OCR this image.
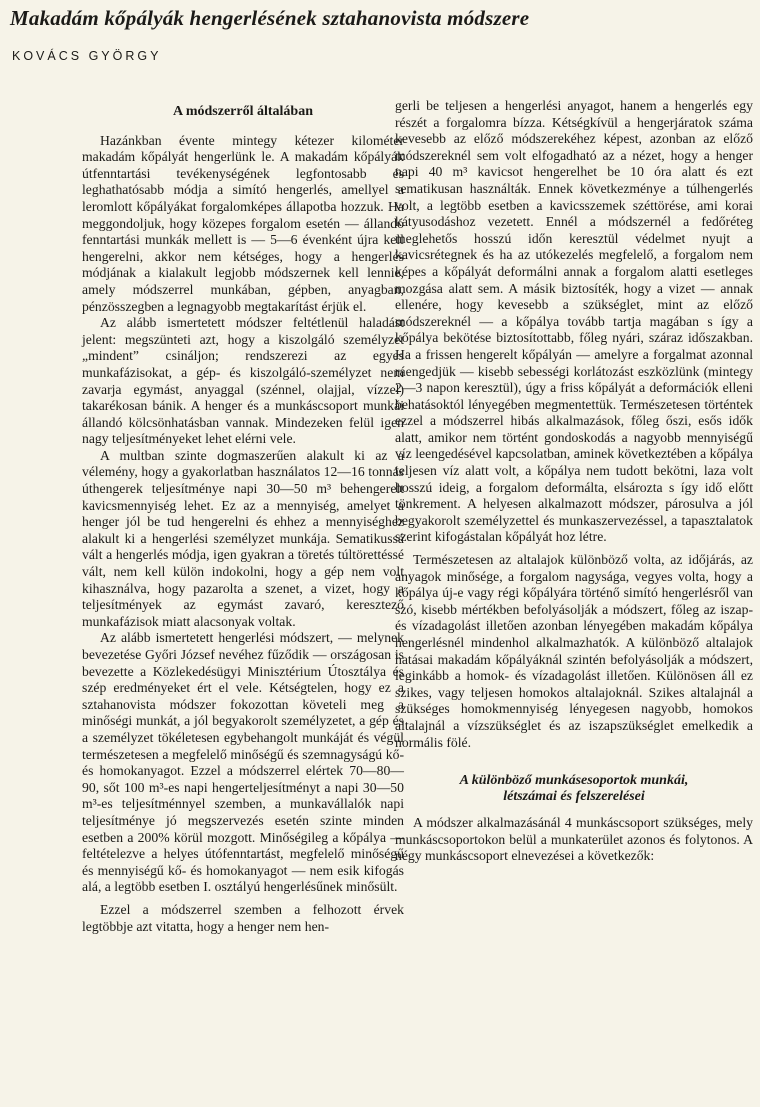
Makadám kőpályák hengerlésének sztahanovista módszere
KOVÁCS GYÖRGY
A módszerről általában

Hazánkban évente mintegy kétezer kilométer makadám kőpályát hengerlünk le. A makadám kőpályák útfenntartási tevékenységének legfontosabb és leghathatósabb módja a simító hengerlés, amellyel a leromlott kőpályákat forgalomképes állapotba hozzuk. Ha meggondoljuk, hogy közepes forgalom esetén — állandó fenntartási munkák mellett is — 5—6 évenként újra kell hengerelni, akkor nem kétséges, hogy a hengerlés módjának a kialakult legjobb módszernek kell lennie, amely módszerrel munkában, gépben, anyagban, pénzösszegben a legnagyobb megtakarítást érjük el.

Az alább ismertetett módszer feltétlenül haladást jelent: megszünteti azt, hogy a kiszolgáló személyzet „mindent” csináljon; rendszerezi az egyes munkafázisokat, a gép- és kiszolgáló-személyzet nem zavarja egymást, anyaggal (szénnel, olajjal, vízzel) takarékosan bánik. A henger és a munkáscsoport munkái állandó kölcsönhatásban vannak. Mindezeken felül igen nagy teljesítményeket lehet elérni vele.

A multban szinte dogmaszerűen alakult ki az a vélemény, hogy a gyakorlatban használatos 12—16 tonnás úthengerek teljesítménye napi 30—50 m³ behengerelt kavicsmennyiség lehet. Ez az a mennyiség, amelyet a henger jól be tud hengerelni és ehhez a mennyiséghez alakult ki a hengerlési személyzet munkája. Sematikussá vált a hengerlés módja, igen gyakran a töretés túltörettéssé vált, nem kell külön indokolni, hogy a gép nem volt kihasználva, hogy pazarolta a szenet, a vizet, hogy a teljesítmények az egymást zavaró, keresztező munkafázisok miatt alacsonyak voltak.

Az alább ismertetett hengerlési módszert, — melynek bevezetése Győri József nevéhez fűződik — országosan is bevezette a Közlekedésügyi Minisztérium Útosztálya és szép eredményeket ért el vele. Kétségtelen, hogy ez a sztahanovista módszer fokozottan követeli meg a minőségi munkát, a jól begyakorolt személyzetet, a gép és a személyzet tökéletesen egybehangolt munkáját és végül természetesen a megfelelő minőségű és szemnagyságú kő- és homokanyagot. Ezzel a módszerrel elértek 70—80—90, sőt 100 m³-es napi hengerteljesítményt a napi 30—50 m³-es teljesítménnyel szemben, a munkavállalók napi teljesítménye jó megszervezés esetén szinte minden esetben a 200% körül mozgott. Minőségileg a kőpálya — feltételezve a helyes útófenntartást, megfelelő minőségű és mennyiségű kő- és homokanyagot — nem esik kifogás alá, a legtöbb esetben I. osztályú hengerlésűnek minősült.

Ezzel a módszerrel szemben a felhozott érvek legtöbbje azt vitatta, hogy a henger nem hen-

gerli be teljesen a hengerlési anyagot, hanem a hengerlés egy részét a forgalomra bízza. Kétségkívül a hengerjáratok száma kevesebb az előző módszerekéhez képest, azonban az előző módszereknél sem volt elfogadható az a nézet, hogy a henger napi 40 m³ kavicsot hengerelhet be 10 óra alatt és ezt sematikusan használták. Ennek következménye a túlhengerlés volt, a legtöbb esetben a kavicsszemek széttörése, ami korai kátyusodáshoz vezetett. Ennél a módszernél a fedőréteg meglehetős hosszú időn keresztül védelmet nyujt a kavicsrétegnek és ha az utókezelés megfelelő, a forgalom nem képes a kőpályát deformálni annak a forgalom alatti esetleges mozgása alatt sem. A másik biztosíték, hogy a vizet — annak ellenére, hogy kevesebb a szükséglet, mint az előző módszereknél — a kőpálya tovább tartja magában s így a kőpálya bekötése biztosítottabb, főleg nyári, száraz időszakban. Ha a frissen hengerelt kőpályán — amelyre a forgalmat azonnal ráengedjük — kisebb sebességi korlátozást eszközlünk (mintegy 2—3 napon keresztül), úgy a friss kőpályát a deformációk elleni behatásoktól lényegében megmentettük. Természetesen történtek ezzel a módszerrel hibás alkalmazások, főleg őszi, esős idők alatt, amikor nem történt gondoskodás a nagyobb mennyiségű víz leengedésével kapcsolatban, aminek következtében a kőpálya teljesen víz alatt volt, a kőpálya nem tudott bekötni, laza volt hosszú ideig, a forgalom deformálta, elsározta s így idő előtt tönkrement. A helyesen alkalmazott módszer, párosulva a jól begyakorolt személyzettel és munkaszervezéssel, a tapasztalatok szerint kifogástalan kőpályát hoz létre.

Természetesen az altalajok különböző volta, az időjárás, az anyagok minősége, a forgalom nagysága, vegyes volta, hogy a kőpálya új-e vagy régi kőpályára történő simító hengerlésről van szó, kisebb mértékben befolyásolják a módszert, főleg az iszap- és vízadagolást illetően azonban lényegében makadám kőpálya hengerlésnél mindenhol alkalmazhatók. A különböző altalajok hatásai makadám kőpályáknál szintén befolyásolják a módszert, leginkább a homok- és vízadagolást illetően. Különösen áll ez szikes, vagy teljesen homokos altalajoknál. Szikes altalajnál a szükséges homokmennyiség lényegesen nagyobb, homokos altalajnál a vízszükséglet és az iszapszükséglet emelkedik a normális fölé.

A különböző munkásesoportok munkái,
létszámai és felszerelései

A módszer alkalmazásánál 4 munkáscsoport szükséges, mely munkáscsoportokon belül a munkaterület azonos és folytonos. A négy munkáscsoport elnevezései a következők:
